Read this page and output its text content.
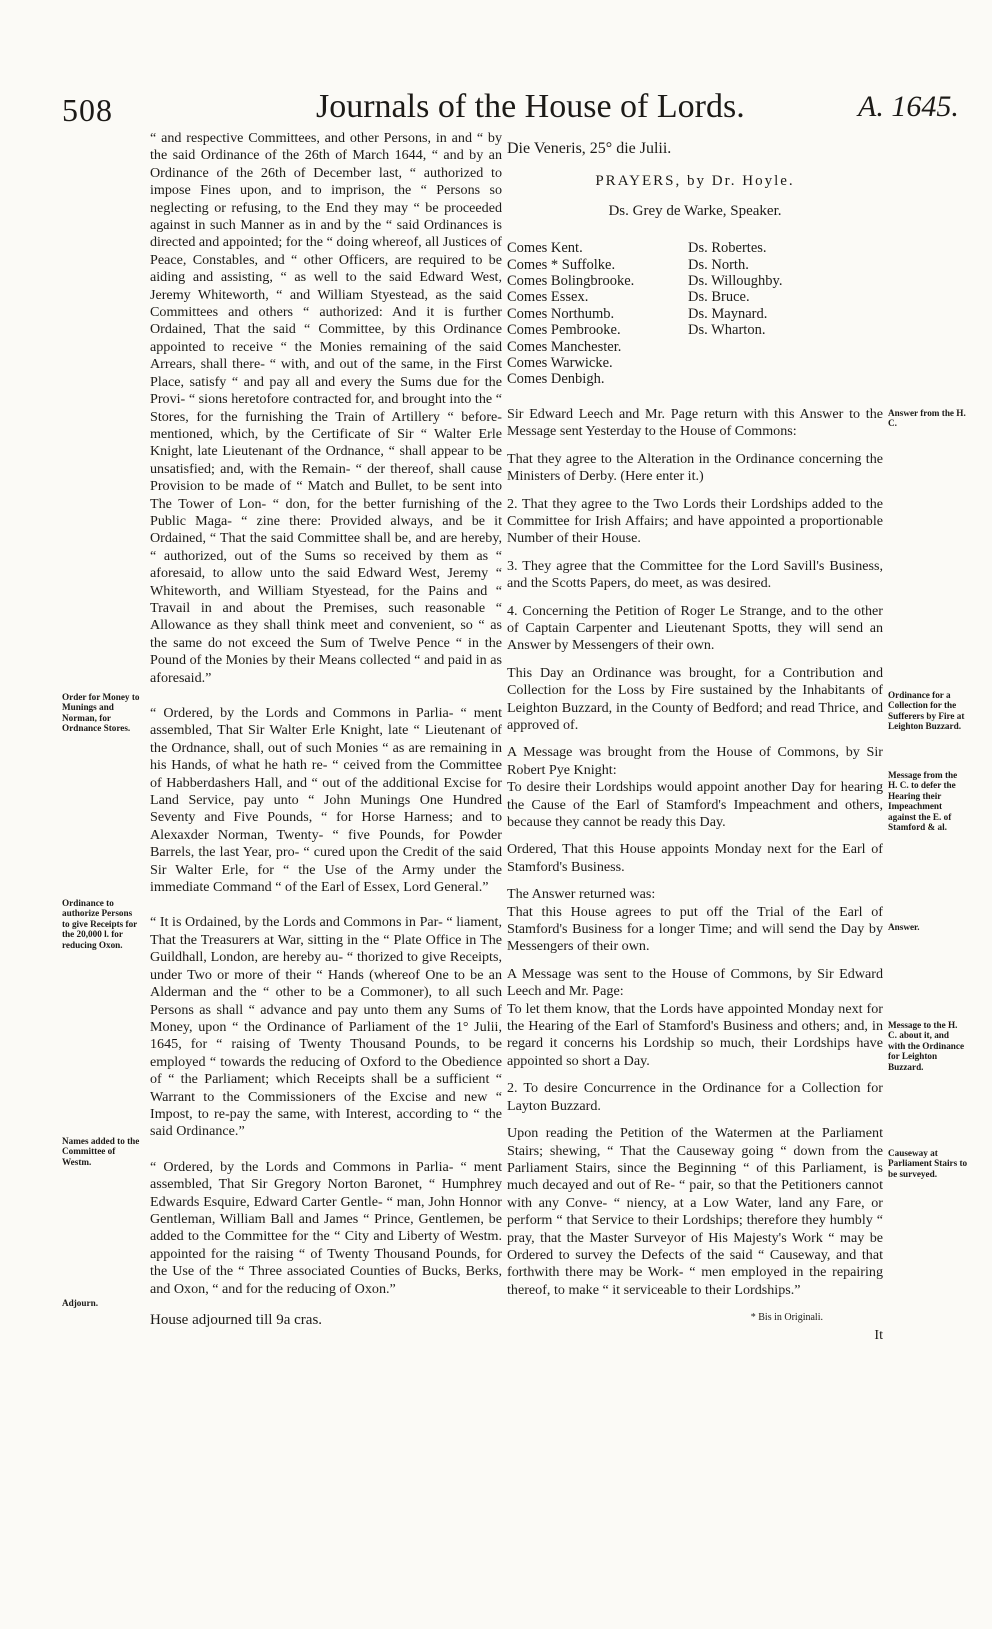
508	Journals of the House of Lords.	A. 1645.
Order for Money to Munings and Norman, for Ordnance Stores.
Ordinance to authorize Persons to give Receipts for the 20,000 l. for reducing Oxon.
Names added to the Committee of Westm.
Adjourn.

“ and respective Committees, and other Persons, in and “ by the said Ordinance of the 26th of March 1644, “ and by an Ordinance of the 26th of December last, “ authorized to impose Fines upon, and to imprison, the “ Persons so neglecting or refusing, to the End they may “ be proceeded against in such Manner as in and by the “ said Ordinances is directed and appointed; for the “ doing whereof, all Justices of Peace, Constables, and “ other Officers, are required to be aiding and assisting, “ as well to the said Edward West, Jeremy Whiteworth, “ and William Styestead, as the said Committees and others “ authorized: And it is further Ordained, That the said “ Committee, by this Ordinance appointed to receive “ the Monies remaining of the said Arrears, shall there- “ with, and out of the same, in the First Place, satisfy “ and pay all and every the Sums due for the Provi- “ sions heretofore contracted for, and brought into the “ Stores, for the furnishing the Train of Artillery “ before-mentioned, which, by the Certificate of Sir “ Walter Erle Knight, late Lieutenant of the Ordnance, “ shall appear to be unsatisfied; and, with the Remain- “ der thereof, shall cause Provision to be made of “ Match and Bullet, to be sent into The Tower of Lon- “ don, for the better furnishing of the Public Maga- “ zine there: Provided always, and be it Ordained, “ That the said Committee shall be, and are hereby, “ authorized, out of the Sums so received by them as “ aforesaid, to allow unto the said Edward West, Jeremy “ Whiteworth, and William Styestead, for the Pains and “ Travail in and about the Premises, such reasonable “ Allowance as they shall think meet and convenient, so “ as the same do not exceed the Sum of Twelve Pence “ in the Pound of the Monies by their Means collected “ and paid in as aforesaid.”

“ Ordered, by the Lords and Commons in Parlia- “ ment assembled, That Sir Walter Erle Knight, late “ Lieutenant of the Ordnance, shall, out of such Monies “ as are remaining in his Hands, of what he hath re- “ ceived from the Committee of Habberdashers Hall, and “ out of the additional Excise for Land Service, pay unto “ John Munings One Hundred Seventy and Five Pounds, “ for Horse Harness; and to Alexaxder Norman, Twenty- “ five Pounds, for Powder Barrels, the last Year, pro- “ cured upon the Credit of the said Sir Walter Erle, for “ the Use of the Army under the immediate Command “ of the Earl of Essex, Lord General.”

“ It is Ordained, by the Lords and Commons in Par- “ liament, That the Treasurers at War, sitting in the “ Plate Office in The Guildhall, London, are hereby au- “ thorized to give Receipts, under Two or more of their “ Hands (whereof One to be an Alderman and the “ other to be a Commoner), to all such Persons as shall “ advance and pay unto them any Sums of Money, upon “ the Ordinance of Parliament of the 1° Julii, 1645, for “ raising of Twenty Thousand Pounds, to be employed “ towards the reducing of Oxford to the Obedience of “ the Parliament; which Receipts shall be a sufficient “ Warrant to the Commissioners of the Excise and new “ Impost, to re-pay the same, with Interest, according to “ the said Ordinance.”

“ Ordered, by the Lords and Commons in Parlia- “ ment assembled, That Sir Gregory Norton Baronet, “ Humphrey Edwards Esquire, Edward Carter Gentle- “ man, John Honnor Gentleman, William Ball and James “ Prince, Gentlemen, be added to the Committee for the “ City and Liberty of Westm. appointed for the raising “ of Twenty Thousand Pounds, for the Use of the “ Three associated Counties of Bucks, Berks, and Oxon, “ and for the reducing of Oxon.”

House adjourned till 9a cras.

Die Veneris, 25° die Julii.
PRAYERS, by Dr. Hoyle.
Ds. Grey de Warke, Speaker.
Comes Kent.
Comes * Suffolke.
Comes Bolingbrooke.
Comes Essex.
Comes Northumb.
Comes Pembrooke.
Comes Manchester.
Comes Warwicke.
Comes Denbigh.
Ds. Robertes.
Ds. North.
Ds. Willoughby.
Ds. Bruce.
Ds. Maynard.
Ds. Wharton.

Sir Edward Leech and Mr. Page return with this Answer to the Message sent Yesterday to the House of Commons:

That they agree to the Alteration in the Ordinance concerning the Ministers of Derby. (Here enter it.)

2. That they agree to the Two Lords their Lordships added to the Committee for Irish Affairs; and have appointed a proportionable Number of their House.

3. They agree that the Committee for the Lord Savill's Business, and the Scotts Papers, do meet, as was desired.

4. Concerning the Petition of Roger Le Strange, and to the other of Captain Carpenter and Lieutenant Spotts, they will send an Answer by Messengers of their own.

This Day an Ordinance was brought, for a Contribution and Collection for the Loss by Fire sustained by the Inhabitants of Leighton Buzzard, in the County of Bedford; and read Thrice, and approved of.

A Message was brought from the House of Commons, by Sir Robert Pye Knight:

To desire their Lordships would appoint another Day for hearing the Cause of the Earl of Stamford's Impeachment and others, because they cannot be ready this Day.

Ordered, That this House appoints Monday next for the Earl of Stamford's Business.

The Answer returned was:

That this House agrees to put off the Trial of the Earl of Stamford's Business for a longer Time; and will send the Day by Messengers of their own.

A Message was sent to the House of Commons, by Sir Edward Leech and Mr. Page:

To let them know, that the Lords have appointed Monday next for the Hearing of the Earl of Stamford's Business and others; and, in regard it concerns his Lordship so much, their Lordships have appointed so short a Day.

2. To desire Concurrence in the Ordinance for a Collection for Layton Buzzard.

Upon reading the Petition of the Watermen at the Parliament Stairs; shewing, “ That the Causeway going “ down from the Parliament Stairs, since the Beginning “ of this Parliament, is much decayed and out of Re- “ pair, so that the Petitioners cannot with any Conve- “ niency, at a Low Water, land any Fare, or perform “ that Service to their Lordships; therefore they humbly “ pray, that the Master Surveyor of His Majesty's Work “ may be Ordered to survey the Defects of the said “ Causeway, and that forthwith there may be Work- “ men employed in the repairing thereof, to make “ it serviceable to their Lordships.”

* Bis in Originali.
It
Answer from the H. C.
Ordinance for a Collection for the Sufferers by Fire at Leighton Buzzard.
Message from the H. C. to defer the Hearing their Impeachment against the E. of Stamford & al.
Answer.
Message to the H. C. about it, and with the Ordinance for Leighton Buzzard.
Causeway at Parliament Stairs to be surveyed.
